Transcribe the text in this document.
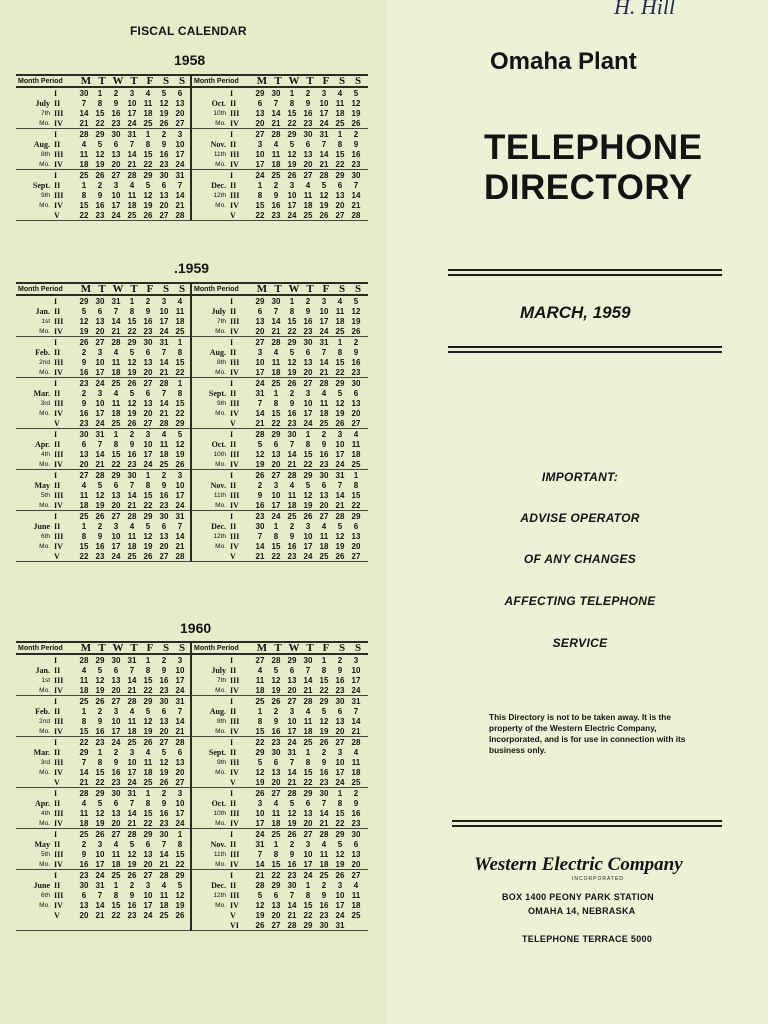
FISCAL CALENDAR
1958
Month Period	M T W T F S S	Month Period	M T W T F S S
I	30	1	2	3	4	5	6
July II	7	8	9	10 11 12 13
7th III	14 15 16 17 18 19 20
Mo. IV	21 22 23 24 25 26 27
I	29 30	1	2	3	4	5
Oct. II	6	7	8	9	10 11 12
10th III	13 14 15 16 17 18 19
Mo. IV	20 21 22 23 24 25 26
I	28 29 30 31	1	2	3
Aug. II	4	5	6	7	8	9	10
8th III	11 12 13 14 15 16 17
Mo. IV	18 19 20 21 22 23 24
I	27 28 29 30 31	1	2
Nov. II	3	4	5	6	7	8	9
11th III	10 11 12 13 14 15 16
Mo. IV	17 18 19 20 21 22 23
I	25 26 27 28 29 30 31
Sept. II	1	2	3	4	5	6	7
9th III	8	9	10 11 12 13 14
Mo. IV	15 16 17 18 19 20 21
V	22 23 24 25 26 27 28
I	24 25 26 27 28 29 30
Dec. II	1	2	3	4	5	6	7
12th III	8	9	10 11 12 13 14
Mo. IV	15 16 17 18 19 20 21
V	22 23 24 25 26 27 28
.1959
Month Period	M T W T F S S	Month Period	M T W T F S S
I	29 30 31	1	2	3	4
Jan. II	5	6	7	8	9	10 11
1st III	12 13 14 15 16 17 18
Mo. IV	19 20 21 22 23 24 25
I	29 30	1	2	3	4	5
July II	6	7	8	9	10 11 12
7th III	13 14 15 16 17 18 19
Mo. IV	20 21 22 23 24 25 26
I	26 27 28 29 30 31	1
Feb. II	2	3	4	5	6	7	8
2nd III	9	10 11 12 13 14 15
Mo. IV	16 17 18 19 20 21 22
I	27 28 29 30 31	1	2
Aug. II	3	4	5	6	7	8	9
8th III	10 11 12 13 14 15 16
Mo. IV	17 18 19 20 21 22 23
I	23 24 25 26 27 28	1
Mar. II	2	3	4	5	6	7	8
3rd III	9	10 11 12 13 14 15
Mo. IV	16 17 18 19 20 21 22
V	23 24 25 26 27 28 29
I	24 25 26 27 28 29 30
Sept. II	31	1	2	3	4	5	6
9th III	7	8	9	10 11 12 13
Mo. IV	14 15 16 17 18 19 20
V	21 22 23 24 25 26 27
I	30 31	1	2	3	4	5
Apr. II	6	7	8	9	10 11 12
4th III	13 14 15 16 17 18 19
Mo. IV	20 21 22 23 24 25 26
I	28 29 30	1	2	3	4
Oct. II	5	6	7	8	9	10 11
10th III	12 13 14 15 16 17 18
Mo. IV	19 20 21 22 23 24 25
I	27 28 29 30	1	2	3
May II	4	5	6	7	8	9	10
5th III	11 12 13 14 15 16 17
Mo. IV	18 19 20 21 22 23 24
I	26 27 28 29 30 31	1
Nov. II	2	3	4	5	6	7	8
11th III	9	10 11 12 13 14 15
Mo. IV	16 17 18 19 20 21 22
I	25 26 27 28 29 30 31
June II	1	2	3	4	5	6	7
6th III	8	9	10 11 12 13 14
Mo. IV	15 16 17 18 19 20 21
V	22 23 24 25 26 27 28
I	23 24 25 26 27 28 29
Dec. II	30	1	2	3	4	5	6
12th III	7	8	9	10 11 12 13
Mo. IV	14 15 16 17 18 19 20
V	21 22 23 24 25 26 27
1960
Month Period	M T W T F S S	Month Period	M T W T F S S
I	28 29 30 31	1	2	3
Jan. II	4	5	6	7	8	9	10
1st III	11 12 13 14 15 16 17
Mo. IV	18 19 20 21 22 23 24
I	27 28 29 30	1	2	3
July II	4	5	6	7	8	9	10
7th III	11 12 13 14 15 16 17
Mo. IV	18 19 20 21 22 23 24
I	25 26 27 28 29 30 31
Feb. II	1	2	3	4	5	6	7
2nd III	8	9	10 11 12 13 14
Mo. IV	15 16 17 18 19 20 21
I	25 26 27 28 29 30 31
Aug. II	1	2	3	4	5	6	7
8th III	8	9	10 11 12 13 14
Mo. IV	15 16 17 18 19 20 21
I	22 23 24 25 26 27 28
Mar. II	29	1	2	3	4	5	6
3rd III	7	8	9	10 11 12 13
Mo. IV	14 15 16 17 18 19 20
V	21 22 23 24 25 26 27
I	22 23 24 25 26 27 28
Sept. II	29 30 31	1	2	3	4
9th III	5	6	7	8	9	10 11
Mo. IV	12 13 14 15 16 17 18
V	19 20 21 22 23 24 25
I	28 29 30 31	1	2	3
Apr. II	4	5	6	7	8	9	10
4th III	11 12 13 14 15 16 17
Mo. IV	18 19 20 21 22 23 24
I	26 27 28 29 30	1	2
Oct. II	3	4	5	6	7	8	9
10th III	10 11 12 13 14 15 16
Mo. IV	17 18 19 20 21 22 23
I	25 26 27 28 29 30	1
May II	2	3	4	5	6	7	8
5th III	9	10 11 12 13 14 15
Mo. IV	16 17 18 19 20 21 22
I	24 25 26 27 28 29 30
Nov. II	31	1	2	3	4	5	6
11th III	7	8	9	10 11 12 13
Mo. IV	14 15 16 17 18 19 20
I	23 24 25 26 27 28 29
June II	30 31	1	2	3	4	5
6th III	6	7	8	9	10 11 12
Mo. IV	13 14 15 16 17 18 19
V	20 21 22 23 24 25 26
I	21 22 23 24 25 26 27
Dec. II	28 29 30	1	2	3	4
12th III	5	6	7	8	9	10 11
Mo. IV	12 13 14 15 16 17 18
V	19 20 21 22 23 24 25
VI	26 27 28 29 30 31
H. Hill
Omaha Plant
TELEPHONE
DIRECTORY
MARCH, 1959
IMPORTANT:
ADVISE OPERATOR
OF ANY CHANGES
AFFECTING TELEPHONE
SERVICE
This Directory is not to be taken away. It is the property of the Western Electric Company, Incorporated, and is for use in connection with its business only.
Western Electric Company
INCORPORATED
BOX 1400 PEONY PARK STATION
OMAHA 14, NEBRASKA
TELEPHONE TERRACE 5000
